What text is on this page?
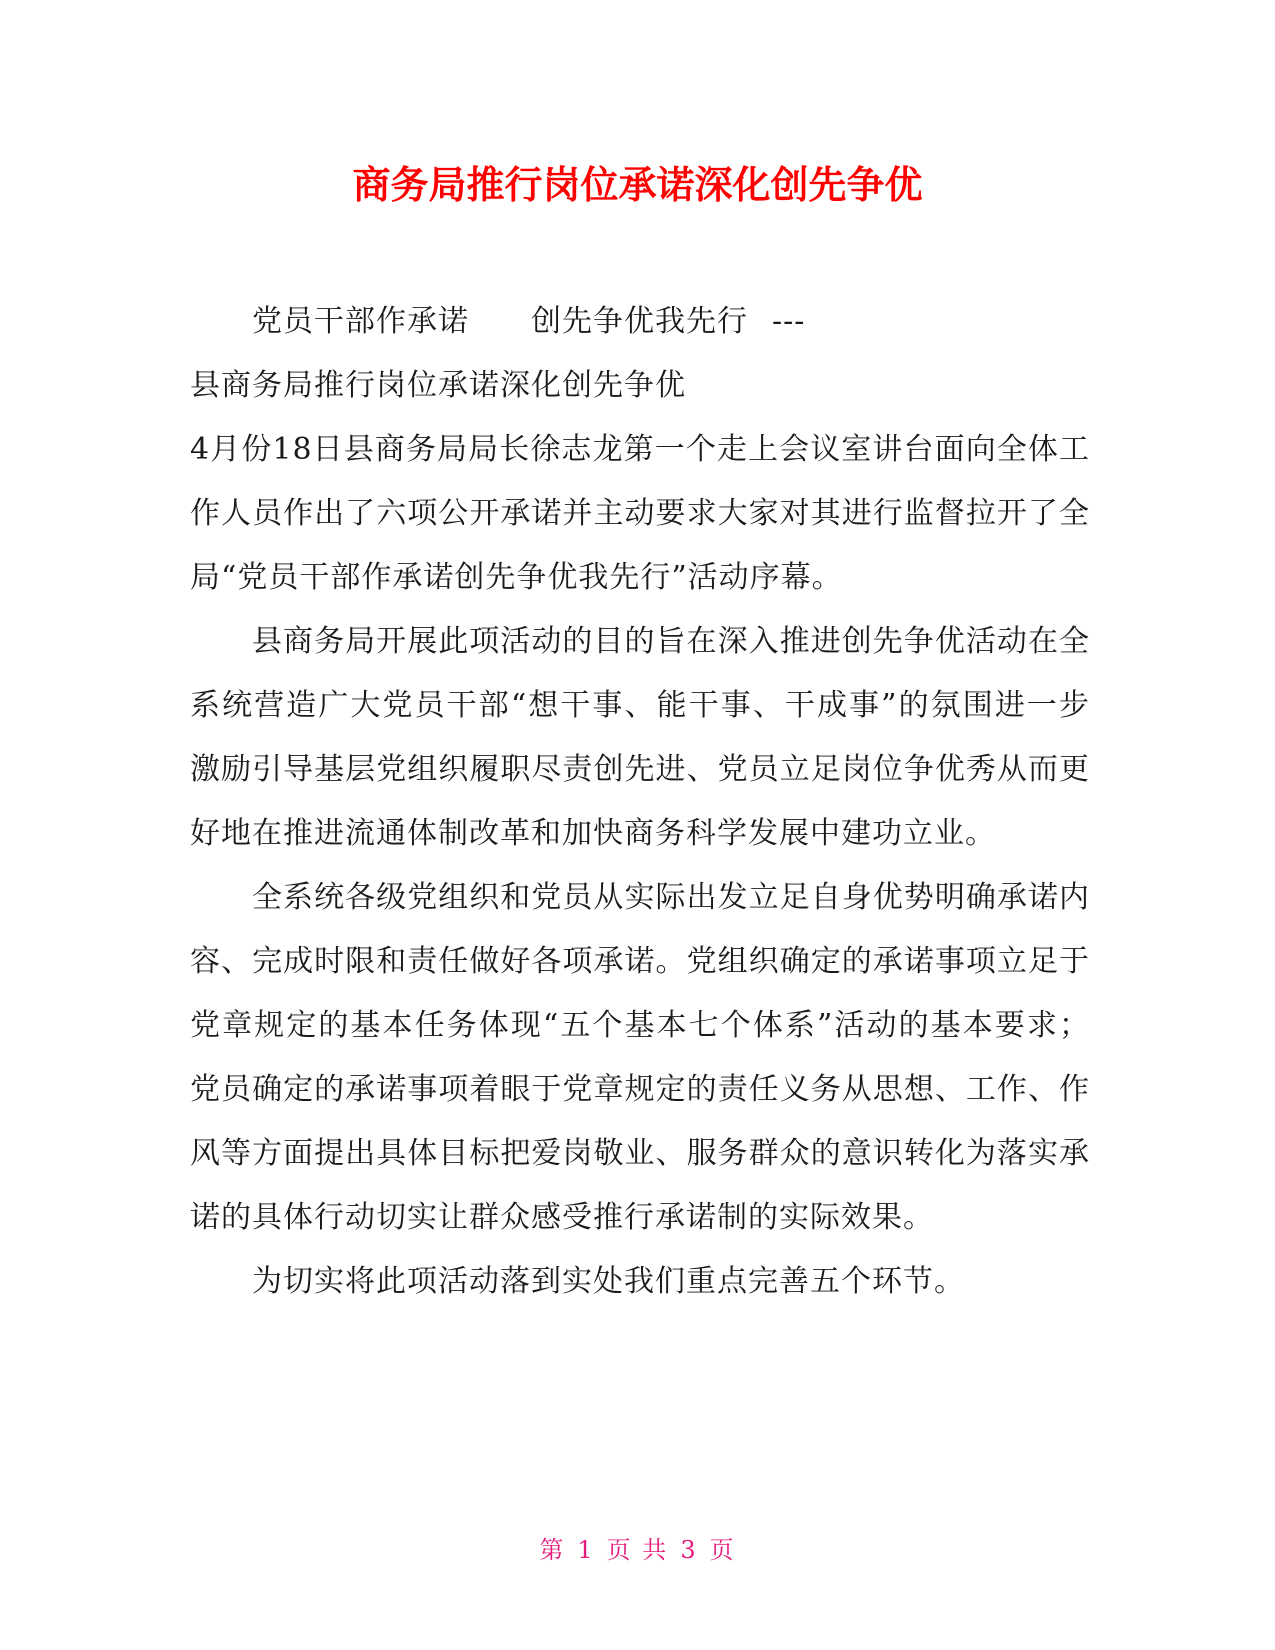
商务局推行岗位承诺深化创先争优
党员干部作承诺 创先争优我先行 ---
县商务局推行岗位承诺深化创先争优

4月份18日县商务局局长徐志龙第一个走上会议室讲台面向全体工作人员作出了六项公开承诺并主动要求大家对其进行监督拉开了全局“党员干部作承诺创先争优我先行”活动序幕。

县商务局开展此项活动的目的旨在深入推进创先争优活动在全系统营造广大党员干部“想干事、能干事、干成事”的氛围进一步激励引导基层党组织履职尽责创先进、党员立足岗位争优秀从而更好地在推进流通体制改革和加快商务科学发展中建功立业。

全系统各级党组织和党员从实际出发立足自身优势明确承诺内容、完成时限和责任做好各项承诺。党组织确定的承诺事项立足于党章规定的基本任务体现“五个基本七个体系”活动的基本要求；党员确定的承诺事项着眼于党章规定的责任义务从思想、工作、作风等方面提出具体目标把爱岗敬业、服务群众的意识转化为落实承诺的具体行动切实让群众感受推行承诺制的实际效果。

为切实将此项活动落到实处我们重点完善五个环节。

第 1 页 共 3 页
